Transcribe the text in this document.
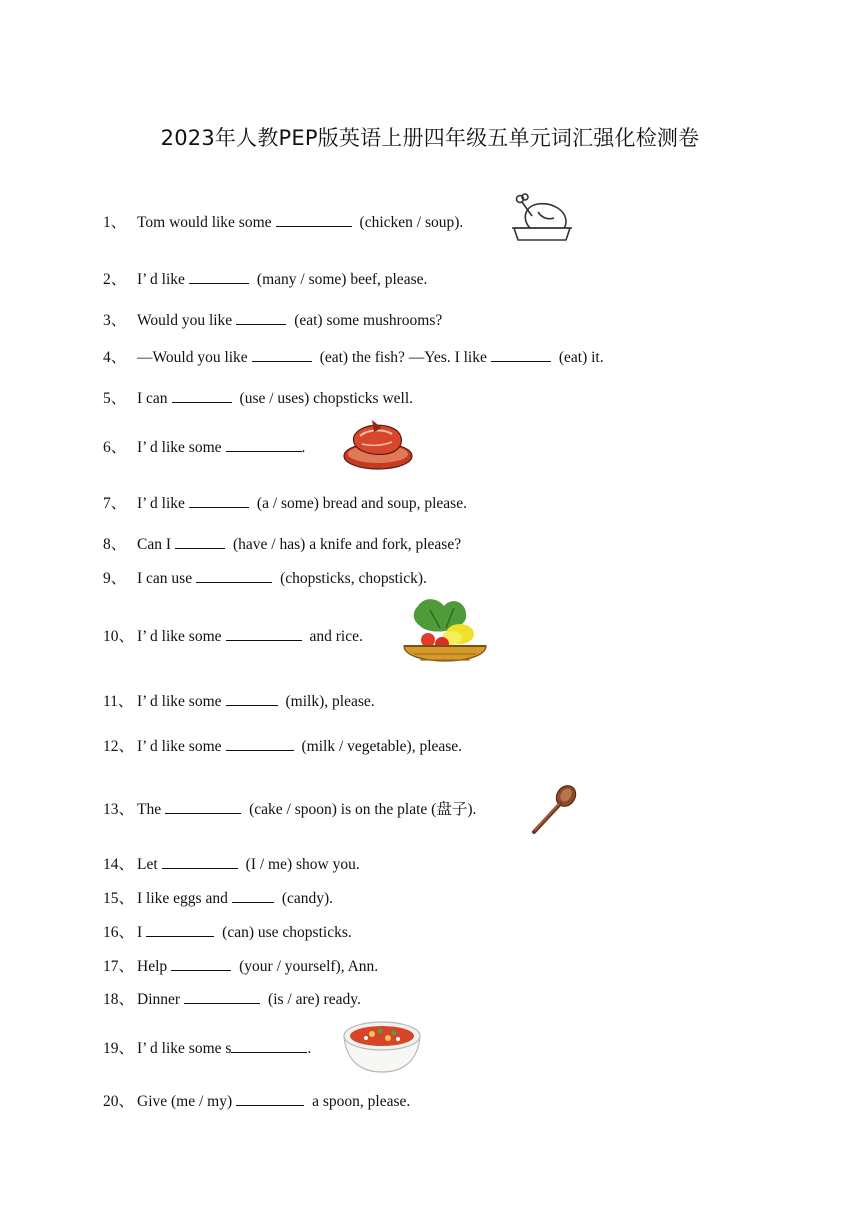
2023年人教PEP版英语上册四年级五单元词汇强化检测卷
1、 Tom would like some	(chicken / soup).
2、 I’ d like	(many / some) beef, please.
3、 Would you like	(eat) some mushrooms?
4、 —Would you like	(eat) the fish? —Yes. I like	(eat) it.
5、 I can	(use / uses) chopsticks well.
6、 I’ d like some	.
7、 I’ d like	(a / some) bread and soup, please.
8、 Can I	(have / has) a knife and fork, please?
9、 I can use	(chopsticks, chopstick).
10、 I’ d like some	and rice.
11、 I’ d like some	(milk), please.
12、 I’ d like some	(milk / vegetable), please.
13、 The	(cake / spoon) is on the plate (盘子).
14、 Let	(I / me) show you.
15、 I like eggs and	(candy).
16、 I	(can) use chopsticks.
17、 Help	(your / yourself), Ann.
18、 Dinner	(is / are) ready.
19、 I’ d like some s	.
20、 Give (me / my)	a spoon, please.
